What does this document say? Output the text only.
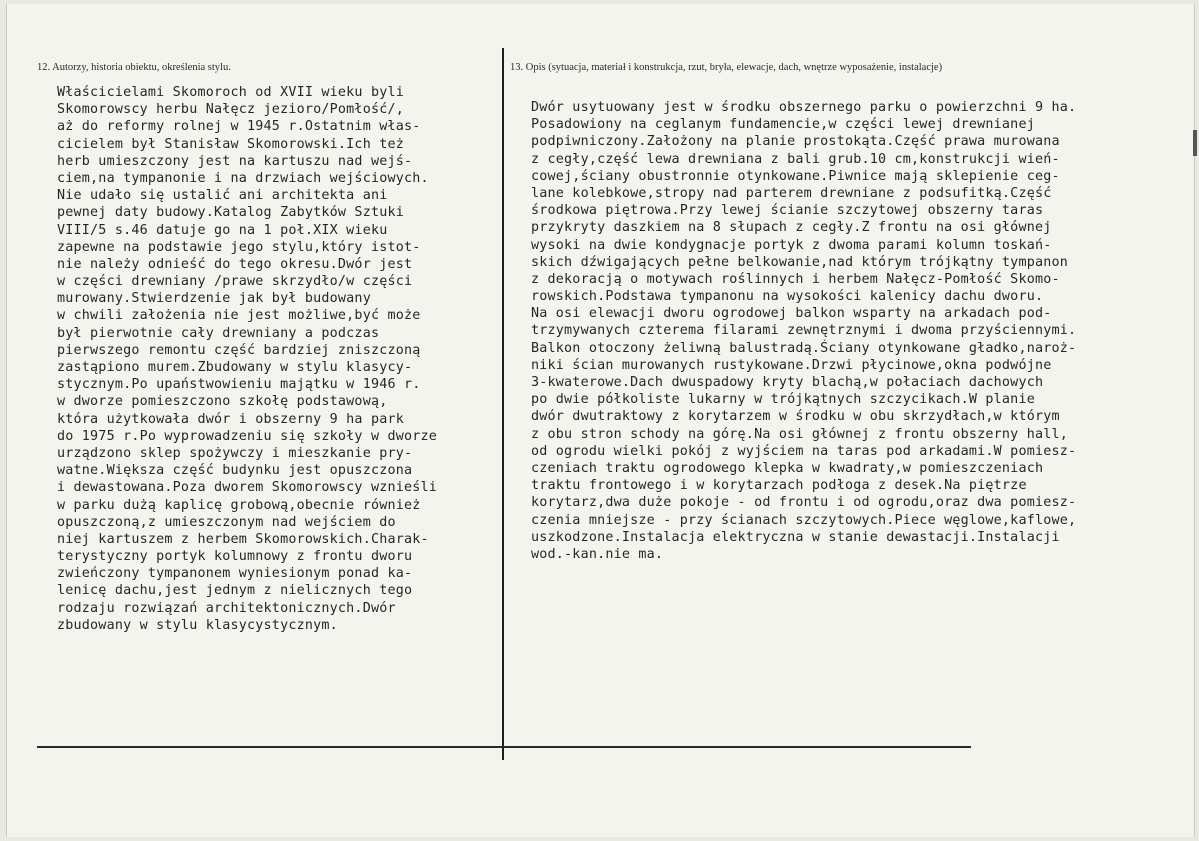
12. Autorzy, historia obiektu, określenia stylu.	13. Opis (sytuacja, materiał i konstrukcja, rzut, bryła, elewacje, dach, wnętrze wyposażenie, instalacje)
Właścicielami Skomoroch od XVII wieku byli
Skomorowscy herbu Nałęcz jezioro/Pomłość/,
aż do reformy rolnej w 1945 r.Ostatnim włas-
cicielem był Stanisław Skomorowski.Ich też
herb umieszczony jest na kartuszu nad wejś-
ciem,na tympanonie i na drzwiach wejściowych.
Nie udało się ustalić ani architekta ani
pewnej daty budowy.Katalog Zabytków Sztuki
VIII/5 s.46 datuje go na 1 poł.XIX wieku
zapewne na podstawie jego stylu,który istot-
nie należy odnieść do tego okresu.Dwór jest
w części drewniany /prawe skrzydło/w części
murowany.Stwierdzenie jak był budowany
w chwili założenia nie jest możliwe,być może
był pierwotnie cały drewniany a podczas
pierwszego remontu część bardziej zniszczoną
zastąpiono murem.Zbudowany w stylu klasycy-
stycznym.Po upaństwowieniu majątku w 1946 r.
w dworze pomieszczono szkołę podstawową,
która użytkowała dwór i obszerny 9 ha park
do 1975 r.Po wyprowadzeniu się szkoły w dworze
urządzono sklep spożywczy i mieszkanie pry-
watne.Większa część budynku jest opuszczona
i dewastowana.Poza dworem Skomorowscy wznieśli
w parku dużą kaplicę grobową,obecnie również
opuszczoną,z umieszczonym nad wejściem do
niej kartuszem z herbem Skomorowskich.Charak-
terystyczny portyk kolumnowy z frontu dworu
zwieńczony tympanonem wyniesionym ponad ka-
lenicę dachu,jest jednym z nielicznych tego
rodzaju rozwiązań architektonicznych.Dwór
zbudowany w stylu klasycystycznym.
Dwór usytuowany jest w środku obszernego parku o powierzchni 9 ha.
Posadowiony na ceglanym fundamencie,w części lewej drewnianej
podpiwniczony.Założony na planie prostokąta.Część prawa murowana
z cegły,część lewa drewniana z bali grub.10 cm,konstrukcji wień-
cowej,ściany obustronnie otynkowane.Piwnice mają sklepienie ceg-
lane kolebkowe,stropy nad parterem drewniane z podsufitką.Część
środkowa piętrowa.Przy lewej ścianie szczytowej obszerny taras
przykryty daszkiem na 8 słupach z cegły.Z frontu na osi głównej
wysoki na dwie kondygnacje portyk z dwoma parami kolumn toskań-
skich dźwigających pełne belkowanie,nad którym trójkątny tympanon
z dekoracją o motywach roślinnych i herbem Nałęcz-Pomłość Skomo-
rowskich.Podstawa tympanonu na wysokości kalenicy dachu dworu.
Na osi elewacji dworu ogrodowej balkon wsparty na arkadach pod-
trzymywanych czterema filarami zewnętrznymi i dwoma przyściennymi.
Balkon otoczony żeliwną balustradą.Ściany otynkowane gładko,naroż-
niki ścian murowanych rustykowane.Drzwi płycinowe,okna podwójne
3-kwaterowe.Dach dwuspadowy kryty blachą,w połaciach dachowych
po dwie półkoliste lukarny w trójkątnych szczycikach.W planie
dwór dwutraktowy z korytarzem w środku w obu skrzydłach,w którym
z obu stron schody na górę.Na osi głównej z frontu obszerny hall,
od ogrodu wielki pokój z wyjściem na taras pod arkadami.W pomiesz-
czeniach traktu ogrodowego klepka w kwadraty,w pomieszczeniach
traktu frontowego i w korytarzach podłoga z desek.Na piętrze
korytarz,dwa duże pokoje - od frontu i od ogrodu,oraz dwa pomiesz-
czenia mniejsze - przy ścianach szczytowych.Piece węglowe,kaflowe,
uszkodzone.Instalacja elektryczna w stanie dewastacji.Instalacji
wod.-kan.nie ma.
